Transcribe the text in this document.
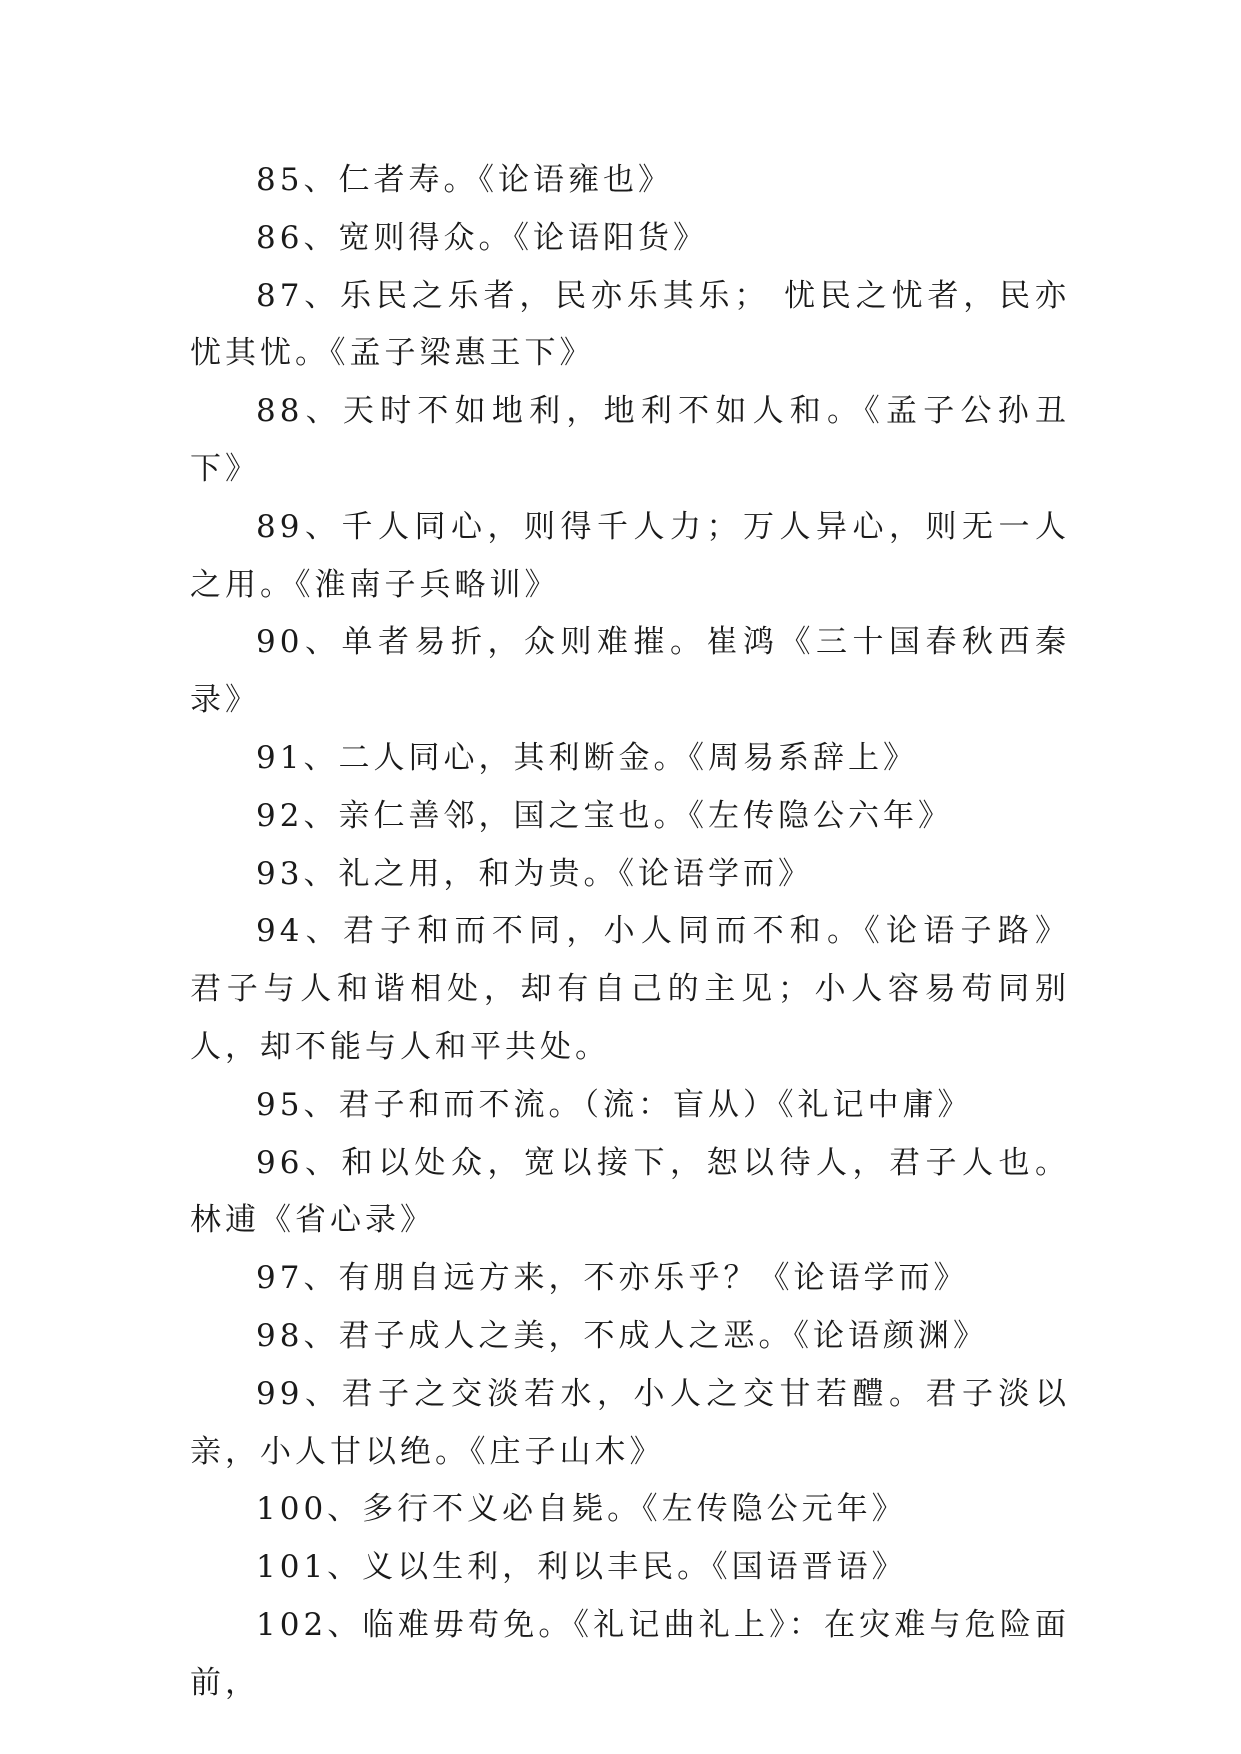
85、仁者寿。《论语雍也》

86、宽则得众。《论语阳货》

87、乐民之乐者，民亦乐其乐； 忧民之忧者，民亦忧其忧。《孟子梁惠王下》

88、天时不如地利，地利不如人和。《孟子公孙丑下》

89、千人同心，则得千人力；万人异心，则无一人之用。《淮南子兵略训》

90、单者易折，众则难摧。崔鸿《三十国春秋西秦录》

91、二人同心，其利断金。《周易系辞上》

92、亲仁善邻，国之宝也。《左传隐公六年》

93、礼之用，和为贵。《论语学而》

94、君子和而不同，小人同而不和。《论语子路》 君子与人和谐相处，却有自己的主见；小人容易苟同别人，却不能与人和平共处。

95、君子和而不流。（流：盲从）《礼记中庸》

96、和以处众，宽以接下，恕以待人，君子人也。林逋《省心录》

97、有朋自远方来，不亦乐乎？《论语学而》

98、君子成人之美，不成人之恶。《论语颜渊》

99、君子之交淡若水，小人之交甘若醴。君子淡以亲，小人甘以绝。《庄子山木》

100、多行不义必自毙。《左传隐公元年》

101、义以生利，利以丰民。《国语晋语》

102、临难毋苟免。《礼记曲礼上》：在灾难与危险面前，
